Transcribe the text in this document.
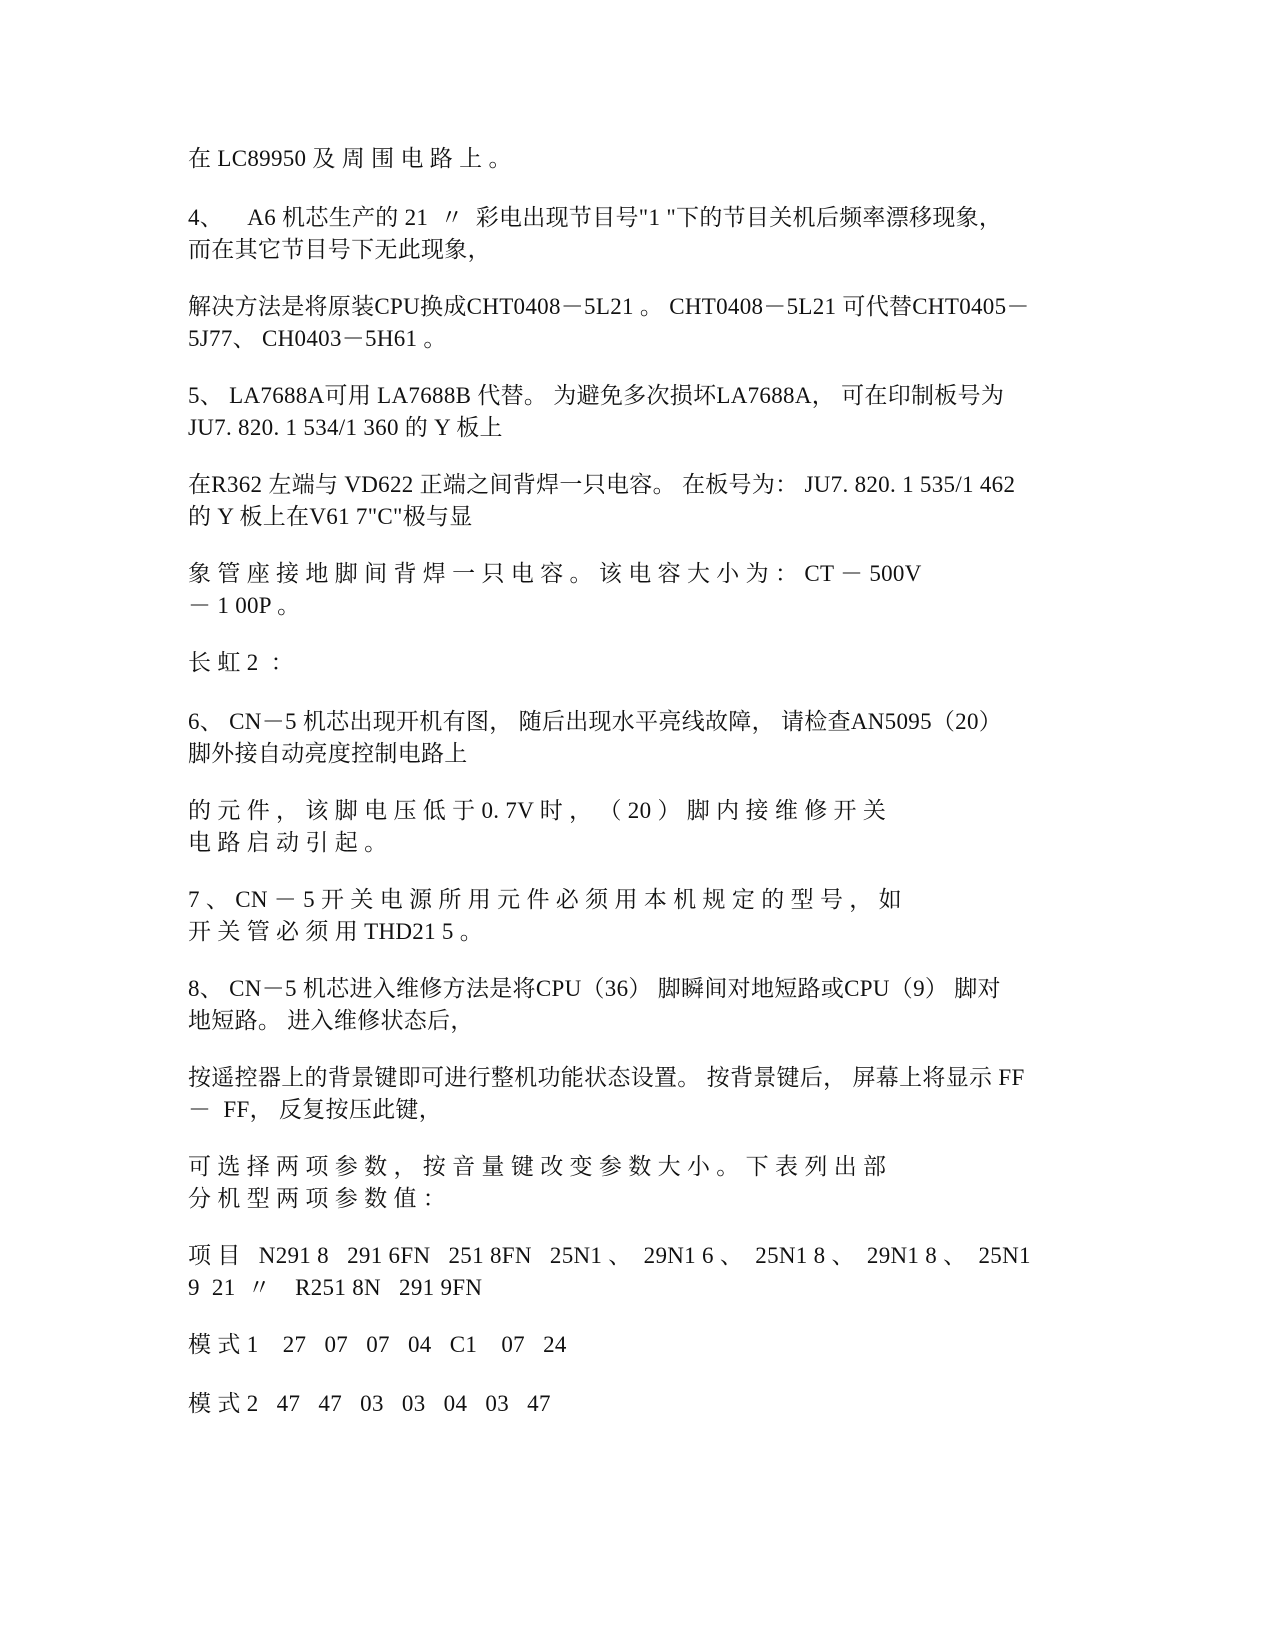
在 LC89950 及 周 围 电 路 上 。
4、    A6 机芯生产的 21  〃  彩电出现节目号"1 "下的节目关机后频率漂移现象，
而在其它节目号下无此现象，
解决方法是将原装CPU换成CHT0408－5L21 。 CHT0408－5L21 可代替CHT0405－
5J77、 CH0403－5H61 。
5、 LA7688A可用 LA7688B 代替。 为避免多次损坏LA7688A， 可在印制板号为
JU7. 820. 1 534/1 360 的 Y 板上
在R362 左端与 VD622 正端之间背焊一只电容。 在板号为： JU7. 820. 1 535/1 462
的 Y 板上在V61 7"C"极与显
象 管 座 接 地 脚 间 背 焊 一 只 电 容 。 该 电 容 大 小 为 ： CT － 500V
－ 1 00P 。
长 虹 2  ：
6、 CN－5 机芯出现开机有图， 随后出现水平亮线故障， 请检查AN5095（20）
脚外接自动亮度控制电路上
的 元 件 ， 该 脚 电 压 低 于 0. 7V 时 ， （ 20 ） 脚 内 接 维 修 开 关
电 路 启 动 引 起 。
7 、 CN － 5 开 关 电 源 所 用 元 件 必 须 用 本 机 规 定 的 型 号 ， 如
开 关 管 必 须 用 THD21 5 。
8、 CN－5 机芯进入维修方法是将CPU（36） 脚瞬间对地短路或CPU（9） 脚对
地短路。 进入维修状态后，
按遥控器上的背景键即可进行整机功能状态设置。 按背景键后， 屏幕上将显示 FF
－  FF， 反复按压此键，
可 选 择 两 项 参 数 ， 按 音 量 键 改 变 参 数 大 小 。 下 表 列 出 部
分 机 型 两 项 参 数 值 ：
项 目   N291 8   291 6FN   251 8FN   25N1 、  29N1 6 、  25N1 8 、  29N1 8 、  25N1
9  21  〃    R251 8N   291 9FN
模 式 1    27   07   07   04   C1    07   24
模 式 2   47   47   03   03   04   03   47
